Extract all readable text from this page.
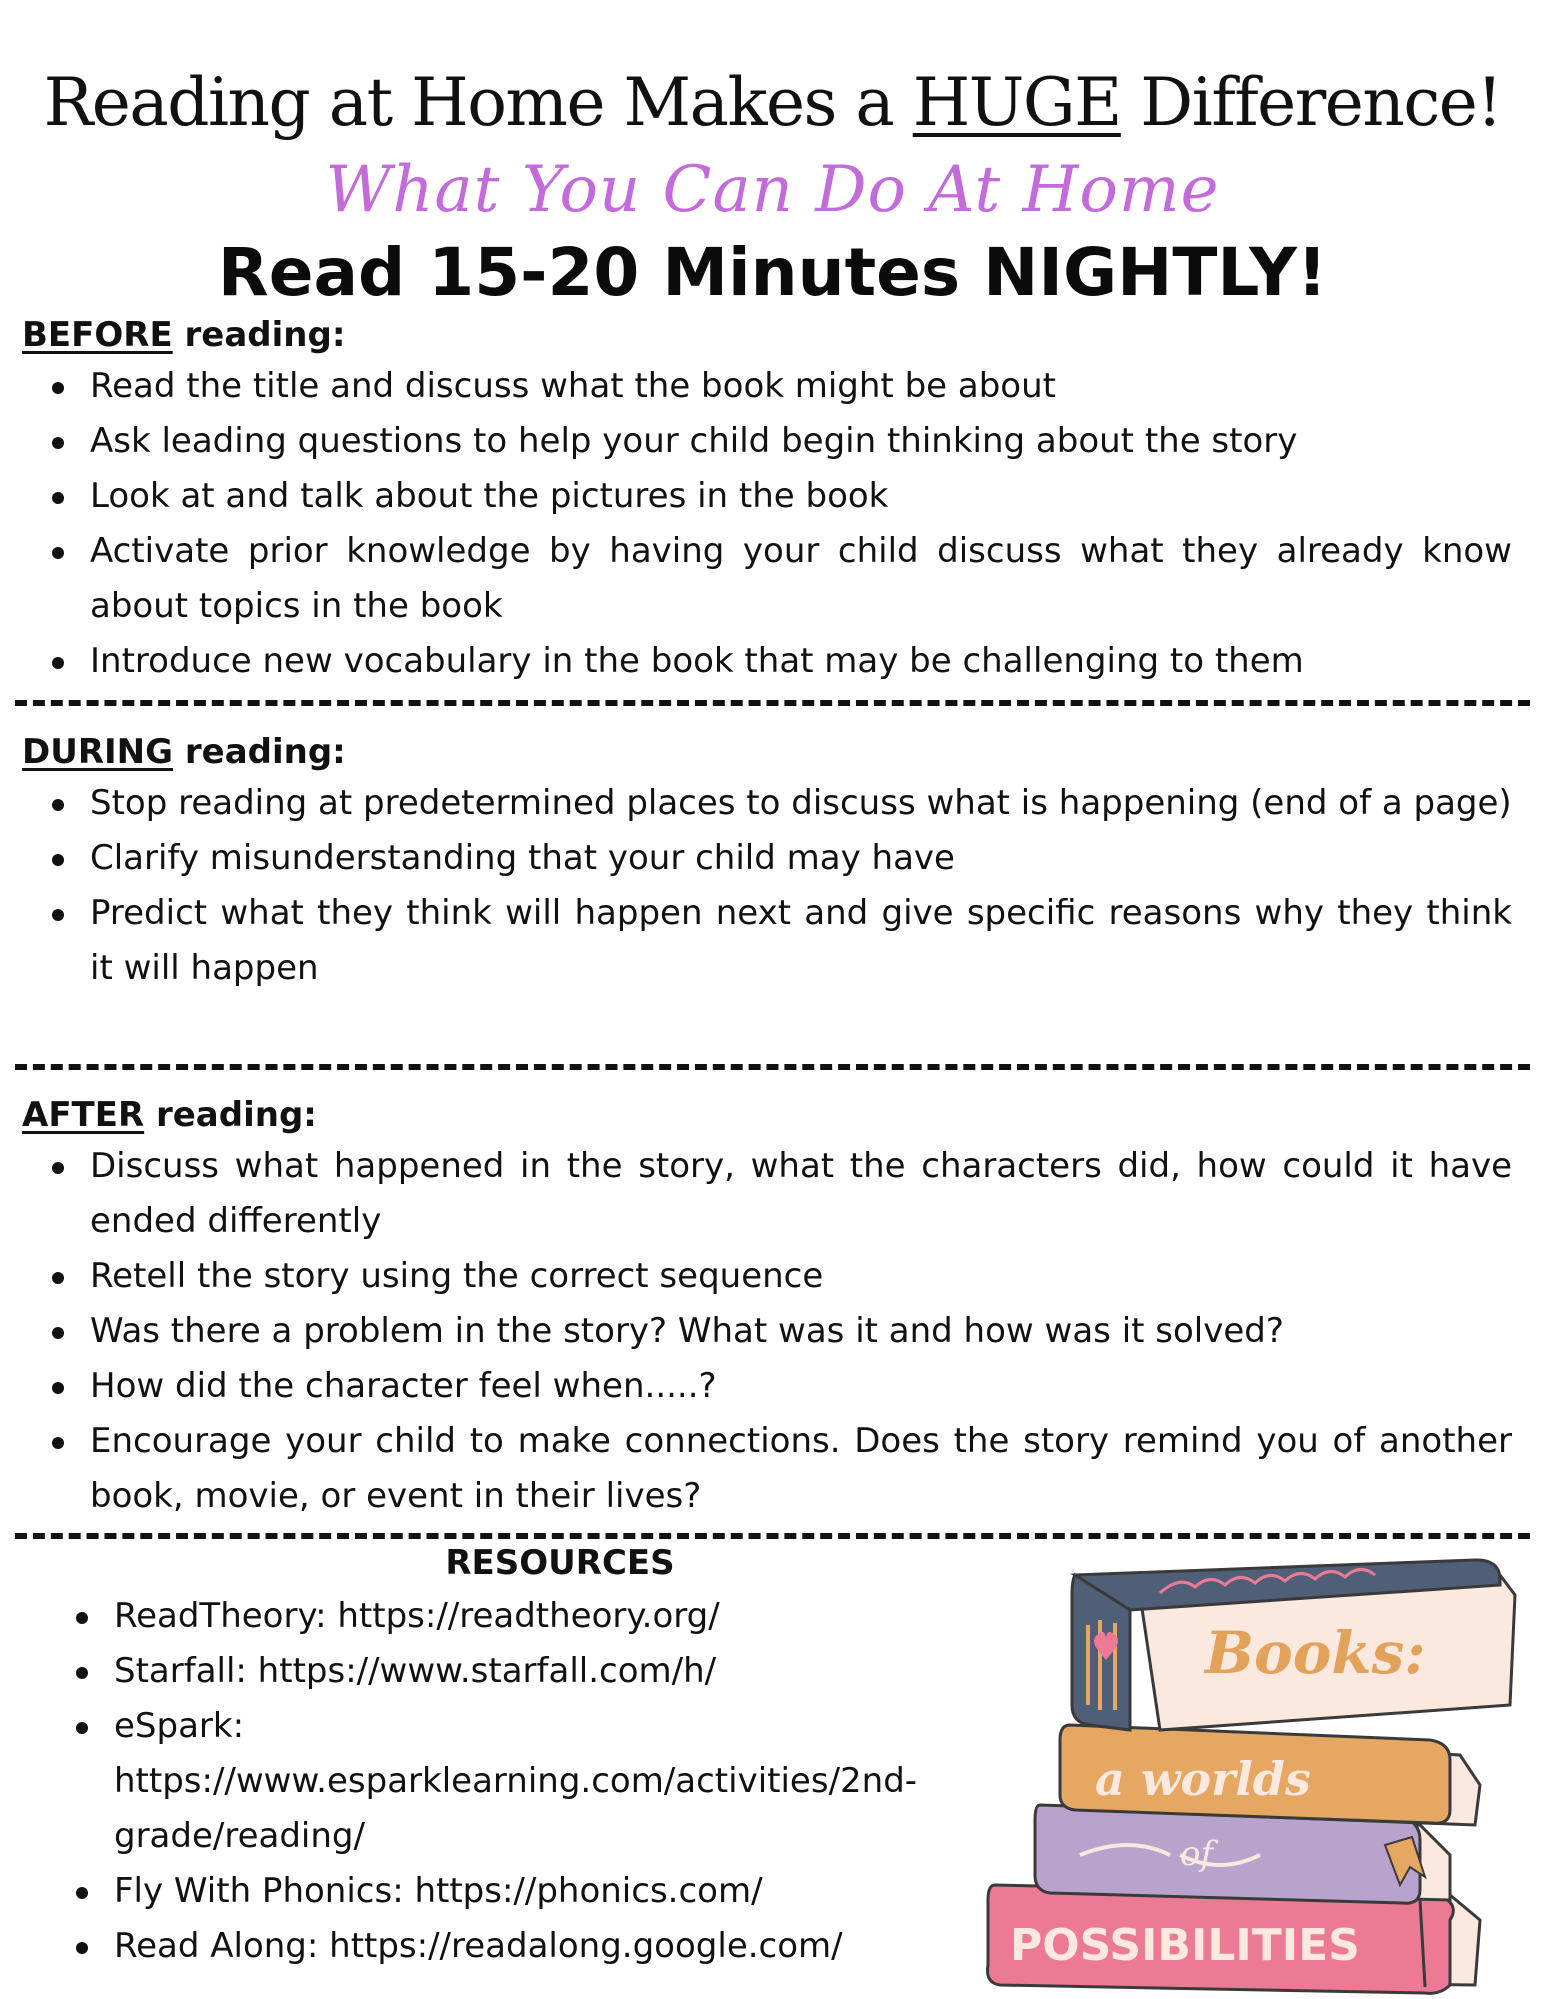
Reading at Home Makes a HUGE Difference!
What You Can Do At Home
Read 15-20 Minutes NIGHTLY!

BEFORE reading:

Read the title and discuss what the book might be about
Ask leading questions to help your child begin thinking about the story
Look at and talk about the pictures in the book
Activate prior knowledge by having your child discuss what they already know about topics in the book
Introduce new vocabulary in the book that may be challenging to them

DURING reading:

Stop reading at predetermined places to discuss what is happening (end of a page)
Clarify misunderstanding that your child may have
Predict what they think will happen next and give specific reasons why they think it will happen

AFTER reading:

Discuss what happened in the story, what the characters did, how could it have ended differently
Retell the story using the correct sequence
Was there a problem in the story? What was it and how was it solved?
How did the character feel when.....?
Encourage your child to make connections. Does the story remind you of another book, movie, or event in their lives?

RESOURCES

ReadTheory: https://readtheory.org/
Starfall: https://www.starfall.com/h/
eSpark: https://www.esparklearning.com/activities/2nd-grade/reading/
Fly With Phonics: https://phonics.com/
Read Along: https://readalong.google.com/	POSSIBILITIES
of
a worlds
Books:
